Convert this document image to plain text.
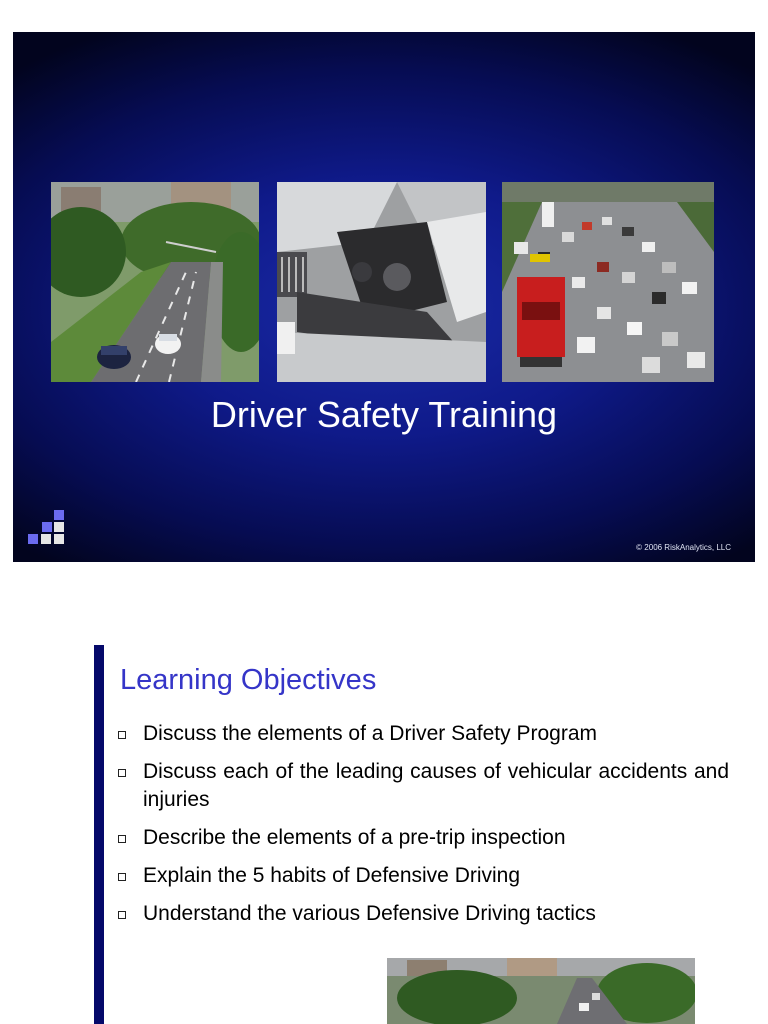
Driver Safety Training
© 2006 RiskAnalytics, LLC
Learning Objectives
Discuss the elements of a Driver Safety Program
Discuss each of the leading causes of vehicular accidents and injuries
Describe the elements of a pre-trip inspection
Explain the 5 habits of Defensive Driving
Understand the various Defensive Driving tactics
